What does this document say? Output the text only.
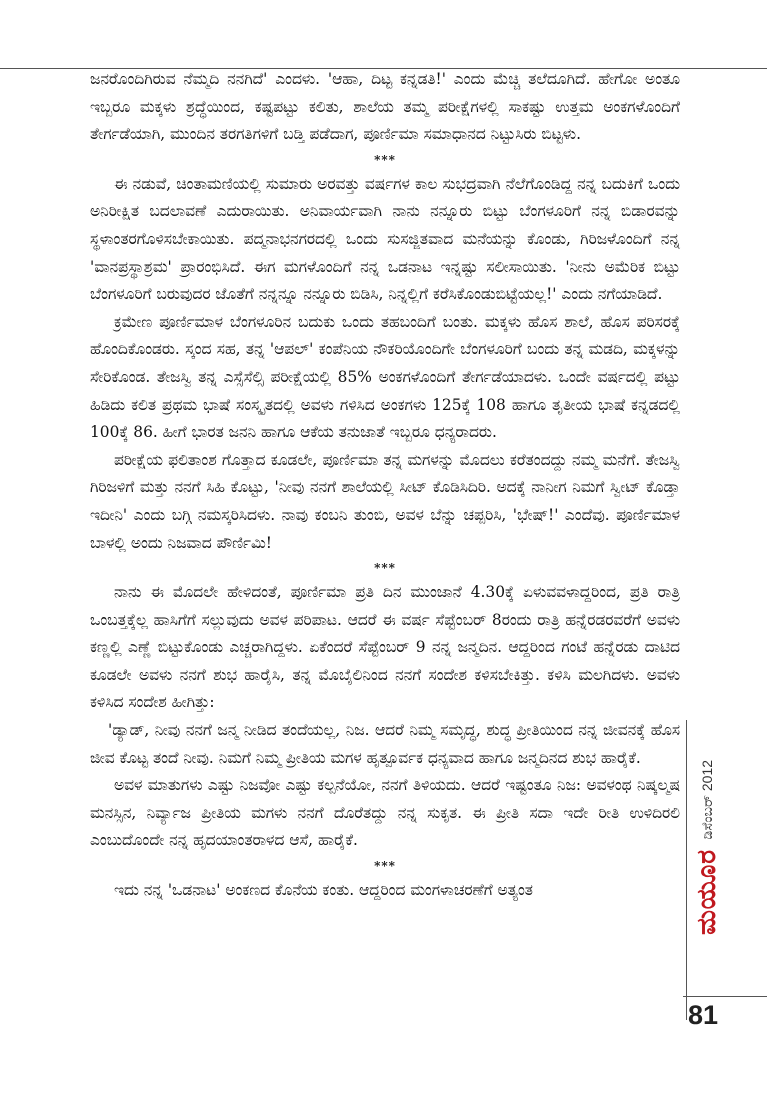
ಜನರೊಂದಿಗಿರುವ ನೆಮ್ಮದಿ ನನಗಿದೆ' ಎಂದಳು. 'ಆಹಾ, ದಿಟ್ಟ ಕನ್ನಡತಿ!' ಎಂದು ಮೆಚ್ಚಿ ತಲೆದೂಗಿದೆ. ಹೇಗೋ ಅಂತೂ ಇಬ್ಬರೂ ಮಕ್ಕಳು ಶ್ರದ್ಧೆಯಿಂದ, ಕಷ್ಟಪಟ್ಟು ಕಲಿತು, ಶಾಲೆಯ ತಮ್ಮ ಪರೀಕ್ಷೆಗಳಲ್ಲಿ ಸಾಕಷ್ಟು ಉತ್ತಮ ಅಂಕಗಳೊಂದಿಗೆ ತೇರ್ಗಡೆಯಾಗಿ, ಮುಂದಿನ ತರಗತಿಗಳಿಗೆ ಬಡ್ತಿ ಪಡೆದಾಗ, ಪೂರ್ಣಿಮಾ ಸಮಾಧಾನದ ನಿಟ್ಟುಸಿರು ಬಿಟ್ಟಳು.

***

ಈ ನಡುವೆ, ಚಿಂತಾಮಣಿಯಲ್ಲಿ ಸುಮಾರು ಅರವತ್ತು ವರ್ಷಗಳ ಕಾಲ ಸುಭದ್ರವಾಗಿ ನೆಲೆಗೊಂಡಿದ್ದ ನನ್ನ ಬದುಕಿಗೆ ಒಂದು ಅನಿರೀಕ್ಷಿತ ಬದಲಾವಣೆ ಎದುರಾಯಿತು. ಅನಿವಾರ್ಯವಾಗಿ ನಾನು ನನ್ನೂರು ಬಿಟ್ಟು ಬೆಂಗಳೂರಿಗೆ ನನ್ನ ಬಿಡಾರವನ್ನು ಸ್ಥಳಾಂತರಗೊಳಿಸಬೇಕಾಯಿತು. ಪದ್ಮನಾಭನಗರದಲ್ಲಿ ಒಂದು ಸುಸಜ್ಜಿತವಾದ ಮನೆಯನ್ನು ಕೊಂಡು, ಗಿರಿಜಳೊಂದಿಗೆ ನನ್ನ 'ವಾನಪ್ರಸ್ಥಾಶ್ರಮ' ಪ್ರಾರಂಭಿಸಿದೆ. ಈಗ ಮಗಳೊಂದಿಗೆ ನನ್ನ ಒಡನಾಟ ಇನ್ನಷ್ಟು ಸಲೀಸಾಯಿತು. 'ನೀನು ಅಮೆರಿಕ ಬಿಟ್ಟು ಬೆಂಗಳೂರಿಗೆ ಬರುವುದರ ಜೊತೆಗೆ ನನ್ನನ್ನೂ ನನ್ನೂರು ಬಿಡಿಸಿ, ನಿನ್ನಲ್ಲಿಗೆ ಕರೆಸಿಕೊಂಡುಬಿಟ್ಟೆಯಲ್ಲ!' ಎಂದು ನಗೆಯಾಡಿದೆ.

ಕ್ರಮೇಣ ಪೂರ್ಣಿಮಾಳ ಬೆಂಗಳೂರಿನ ಬದುಕು ಒಂದು ತಹಬಂದಿಗೆ ಬಂತು. ಮಕ್ಕಳು ಹೊಸ ಶಾಲೆ, ಹೊಸ ಪರಿಸರಕ್ಕೆ ಹೊಂದಿಕೊಂಡರು. ಸ್ಕಂದ ಸಹ, ತನ್ನ 'ಆಪಲ್' ಕಂಪೆನಿಯ ನೌಕರಿಯೊಂದಿಗೇ ಬೆಂಗಳೂರಿಗೆ ಬಂದು ತನ್ನ ಮಡದಿ, ಮಕ್ಕಳನ್ನು ಸೇರಿಕೊಂಡ. ತೇಜಸ್ವಿ ತನ್ನ ಎಸ್ಸೆಸೆಲ್ಸಿ ಪರೀಕ್ಷೆಯಲ್ಲಿ 85% ಅಂಕಗಳೊಂದಿಗೆ ತೇರ್ಗಡೆಯಾದಳು. ಒಂದೇ ವರ್ಷದಲ್ಲಿ ಪಟ್ಟು ಹಿಡಿದು ಕಲಿತ ಪ್ರಥಮ ಭಾಷೆ ಸಂಸ್ಕೃತದಲ್ಲಿ ಅವಳು ಗಳಿಸಿದ ಅಂಕಗಳು 125ಕ್ಕೆ 108 ಹಾಗೂ ತೃತೀಯ ಭಾಷೆ ಕನ್ನಡದಲ್ಲಿ 100ಕ್ಕೆ 86. ಹೀಗೆ ಭಾರತ ಜನನಿ ಹಾಗೂ ಆಕೆಯ ತನುಜಾತೆ ಇಬ್ಬರೂ ಧನ್ಯರಾದರು.

ಪರೀಕ್ಷೆಯ ಫಲಿತಾಂಶ ಗೊತ್ತಾದ ಕೂಡಲೇ, ಪೂರ್ಣಿಮಾ ತನ್ನ ಮಗಳನ್ನು ಮೊದಲು ಕರೆತಂದದ್ದು ನಮ್ಮ ಮನೆಗೆ. ತೇಜಸ್ವಿ ಗಿರಿಜಳಿಗೆ ಮತ್ತು ನನಗೆ ಸಿಹಿ ಕೊಟ್ಟು, 'ನೀವು ನನಗೆ ಶಾಲೆಯಲ್ಲಿ ಸೀಟ್ ಕೊಡಿಸಿದಿರಿ. ಅದಕ್ಕೆ ನಾನೀಗ ನಿಮಗೆ ಸ್ವೀಟ್ ಕೊಡ್ತಾ ಇದೀನಿ' ಎಂದು ಬಗ್ಗಿ ನಮಸ್ಕರಿಸಿದಳು. ನಾವು ಕಂಬನಿ ತುಂಬಿ, ಅವಳ ಬೆನ್ನು ಚಪ್ಪರಿಸಿ, 'ಭೇಷ್!' ಎಂದೆವು. ಪೂರ್ಣಿಮಾಳ ಬಾಳಲ್ಲಿ ಅಂದು ನಿಜವಾದ ಪೌರ್ಣಿಮಿ!

***

ನಾನು ಈ ಮೊದಲೇ ಹೇಳಿದಂತೆ, ಪೂರ್ಣಿಮಾ ಪ್ರತಿ ದಿನ ಮುಂಜಾನೆ 4.30ಕ್ಕೆ ಏಳುವವಳಾದ್ದರಿಂದ, ಪ್ರತಿ ರಾತ್ರಿ ಒಂಬತ್ತಕ್ಕೆಲ್ಲ ಹಾಸಿಗೆಗೆ ಸಲ್ಲುವುದು ಅವಳ ಪರಿಪಾಟ. ಆದರೆ ಈ ವರ್ಷ ಸೆಪ್ಟೆಂಬರ್ 8ರಂದು ರಾತ್ರಿ ಹನ್ನೆರಡರವರೆಗೆ ಅವಳು ಕಣ್ಣಲ್ಲಿ ಎಣ್ಣೆ ಬಿಟ್ಟುಕೊಂಡು ಎಚ್ಚರಾಗಿದ್ದಳು. ಏಕೆಂದರೆ ಸೆಪ್ಟೆಂಬರ್ 9 ನನ್ನ ಜನ್ಮದಿನ. ಆದ್ದರಿಂದ ಗಂಟೆ ಹನ್ನೆರಡು ದಾಟಿದ ಕೂಡಲೇ ಅವಳು ನನಗೆ ಶುಭ ಹಾರೈಸಿ, ತನ್ನ ಮೊಬೈಲಿನಿಂದ ನನಗೆ ಸಂದೇಶ ಕಳಿಸಬೇಕಿತ್ತು. ಕಳಿಸಿ ಮಲಗಿದಳು. ಅವಳು ಕಳಿಸಿದ ಸಂದೇಶ ಹೀಗಿತ್ತು:

'ಡ್ಯಾಡ್, ನೀವು ನನಗೆ ಜನ್ಮ ನೀಡಿದ ತಂದೆಯಲ್ಲ, ನಿಜ. ಆದರೆ ನಿಮ್ಮ ಸಮೃದ್ಧ, ಶುದ್ಧ ಪ್ರೀತಿಯಿಂದ ನನ್ನ ಜೀವನಕ್ಕೆ ಹೊಸ ಜೀವ ಕೊಟ್ಟ ತಂದೆ ನೀವು. ನಿಮಗೆ ನಿಮ್ಮ ಪ್ರೀತಿಯ ಮಗಳ ಹೃತ್ಪೂರ್ವಕ ಧನ್ಯವಾದ ಹಾಗೂ ಜನ್ಮದಿನದ ಶುಭ ಹಾರೈಕೆ.

ಅವಳ ಮಾತುಗಳು ಎಷ್ಟು ನಿಜವೋ ಎಷ್ಟು ಕಲ್ಪನೆಯೋ, ನನಗೆ ತಿಳಿಯದು. ಆದರೆ ಇಷ್ಟಂತೂ ನಿಜ: ಅವಳಂಥ ನಿಷ್ಕಲ್ಮಷ ಮನಸ್ಸಿನ, ನಿರ್ವ್ಯಾಜ ಪ್ರೀತಿಯ ಮಗಳು ನನಗೆ ದೊರೆತದ್ದು ನನ್ನ ಸುಕೃತ. ಈ ಪ್ರೀತಿ ಸದಾ ಇದೇ ರೀತಿ ಉಳಿದಿರಲಿ ಎಂಬುದೊಂದೇ ನನ್ನ ಹೃದಯಾಂತರಾಳದ ಆಸೆ, ಹಾರೈಕೆ.

***

ಇದು ನನ್ನ 'ಒಡನಾಟ' ಅಂಕಣದ ಕೊನೆಯ ಕಂತು. ಆದ್ದರಿಂದ ಮಂಗಳಾಚರಣೆಗೆ ಅತ್ಯಂತ

ಡಿಸೆಂಬರ್ 2012
ಮಯೂರ
81
